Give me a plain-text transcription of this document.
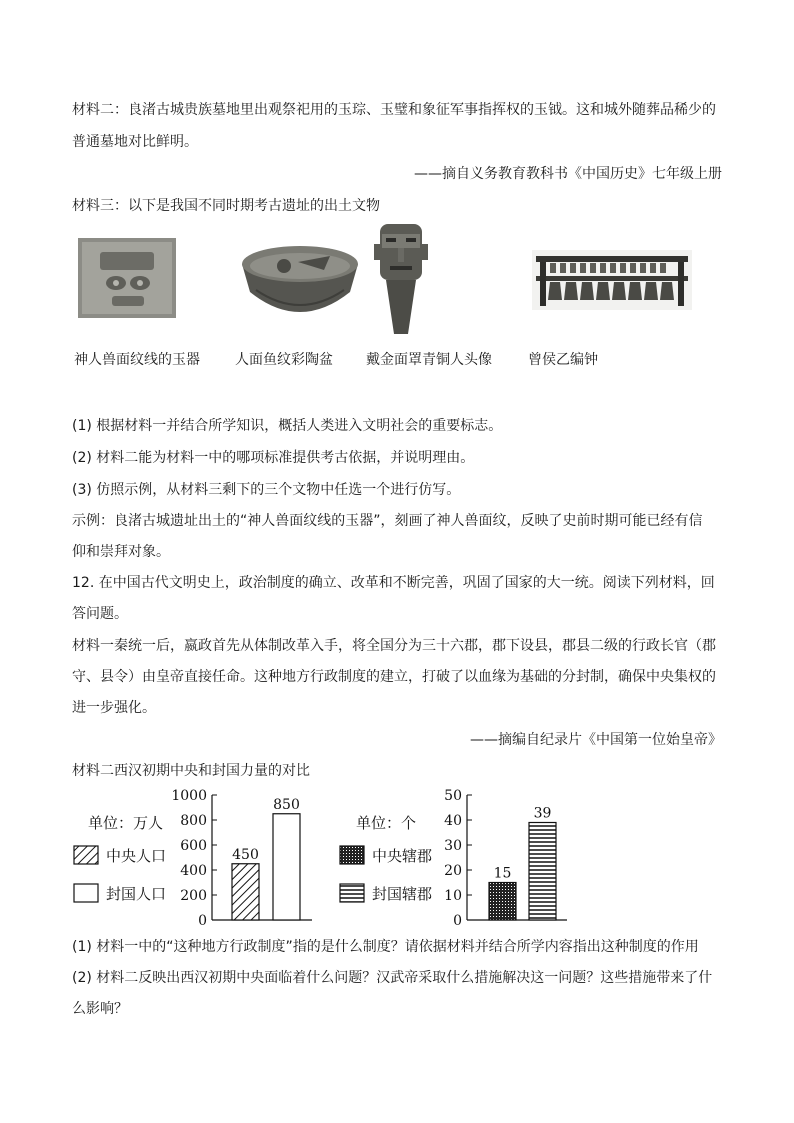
材料二：良渚古城贵族墓地里出观祭祀用的玉琮、玉璧和象征军事指挥权的玉钺。这和城外随葬品稀少的
普通墓地对比鲜明。
——摘自义务教育教科书《中国历史》七年级上册
材料三：以下是我国不同时期考古遗址的出土文物
神人兽面纹线的玉器	人面鱼纹彩陶盆 戴金面罩青铜人头像	曾侯乙编钟
(1) 根据材料一并结合所学知识，概括人类进入文明社会的重要标志。
(2) 材料二能为材料一中的哪项标准提供考古依据，并说明理由。
(3) 仿照示例，从材料三剩下的三个文物中任选一个进行仿写。
示例：良渚古城遗址出土的“神人兽面纹线的玉器”，刻画了神人兽面纹，反映了史前时期可能已经有信
仰和崇拜对象。
12. 在中国古代文明史上，政治制度的确立、改革和不断完善，巩固了国家的大一统。阅读下列材料，回
答问题。
材料一秦统一后，嬴政首先从体制改革入手，将全国分为三十六郡，郡下设县，郡县二级的行政长官（郡
守、县令）由皇帝直接任命。这种地方行政制度的建立，打破了以血缘为基础的分封制，确保中央集权的
进一步强化。
——摘编自纪录片《中国第一位始皇帝》
材料二西汉初期中央和封国力量的对比
单位：万人
中央人口
封国人口
0
200
400
600
800
1000
450
850
单位：个
中央辖郡
封国辖郡
0
10
20
30
40
50
15
39
(1) 材料一中的“这种地方行政制度”指的是什么制度？请依据材料并结合所学内容指出这种制度的作用
(2) 材料二反映出西汉初期中央面临着什么问题？汉武帝采取什么措施解决这一问题？这些措施带来了什
么影响？
